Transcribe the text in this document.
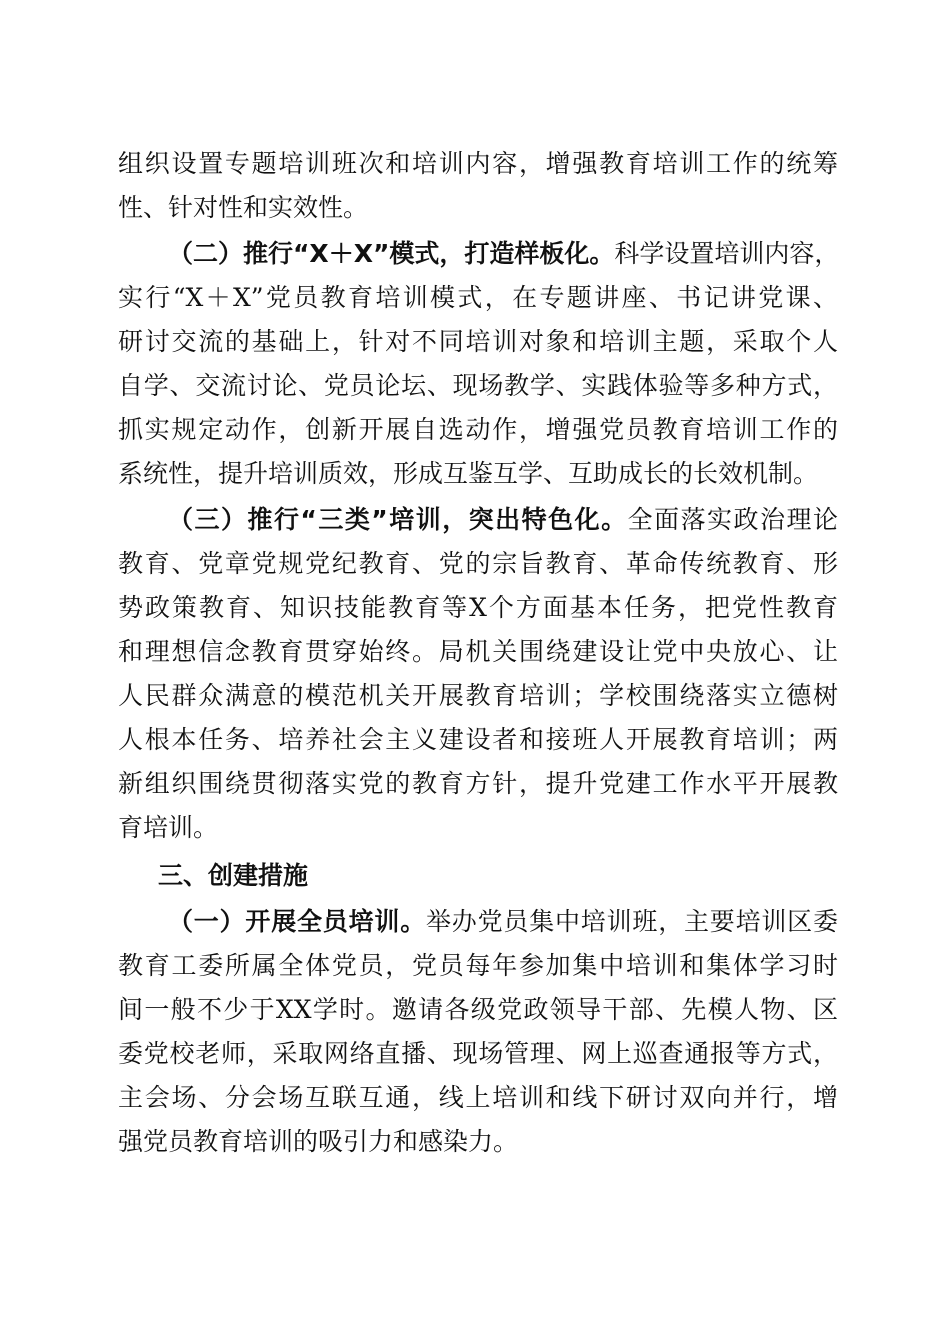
组织设置专题培训班次和培训内容，增强教育培训工作的统筹
性、针对性和实效性。
（二）推行“X＋X”模式，打造样板化。科学设置培训内容，
实行“X＋X”党员教育培训模式，在专题讲座、书记讲党课、
研讨交流的基础上，针对不同培训对象和培训主题，采取个人
自学、交流讨论、党员论坛、现场教学、实践体验等多种方式，
抓实规定动作，创新开展自选动作，增强党员教育培训工作的
系统性，提升培训质效，形成互鉴互学、互助成长的长效机制。
（三）推行“三类”培训，突出特色化。全面落实政治理论
教育、党章党规党纪教育、党的宗旨教育、革命传统教育、形
势政策教育、知识技能教育等X个方面基本任务，把党性教育
和理想信念教育贯穿始终。局机关围绕建设让党中央放心、让
人民群众满意的模范机关开展教育培训；学校围绕落实立德树
人根本任务、培养社会主义建设者和接班人开展教育培训；两
新组织围绕贯彻落实党的教育方针，提升党建工作水平开展教
育培训。
三、创建措施
（一）开展全员培训。举办党员集中培训班，主要培训区委
教育工委所属全体党员，党员每年参加集中培训和集体学习时
间一般不少于XX学时。邀请各级党政领导干部、先模人物、区
委党校老师，采取网络直播、现场管理、网上巡查通报等方式，
主会场、分会场互联互通，线上培训和线下研讨双向并行，增
强党员教育培训的吸引力和感染力。
